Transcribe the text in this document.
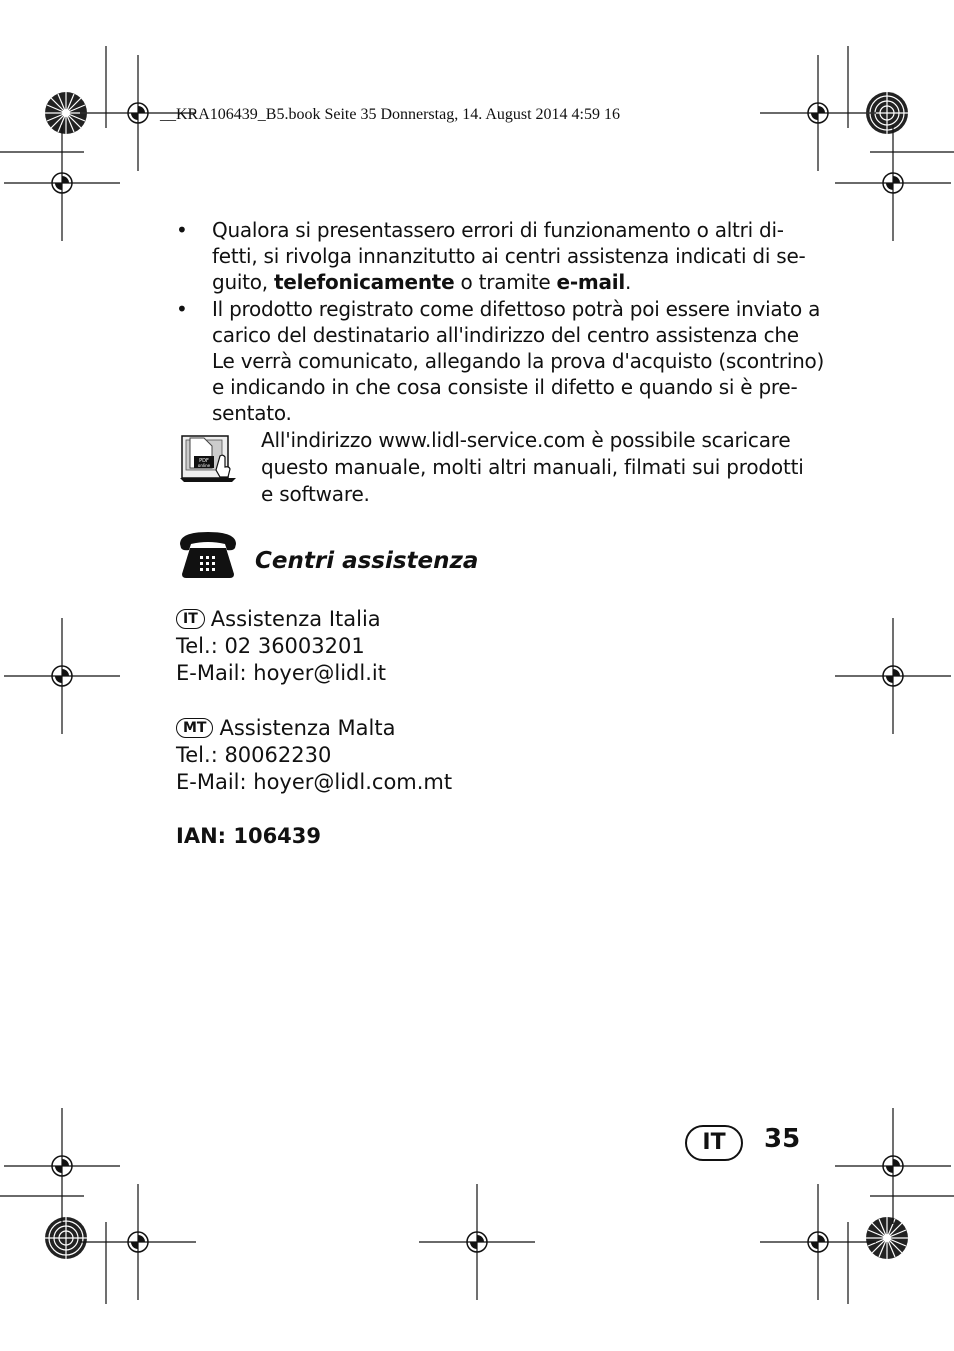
__KRA106439_B5.book Seite 35 Donnerstag, 14. August 2014 4:59 16
• Qualora si presentassero errori di funzionamento o altri di-
fetti, si rivolga innanzitutto ai centri assistenza indicati di se-
guito, telefonicamente o tramite e-mail.
• Il prodotto registrato come difettoso potrà poi essere inviato a
carico del destinatario all'indirizzo del centro assistenza che
Le verrà comunicato, allegando la prova d'acquisto (scontrino)
e indicando in che cosa consiste il difetto e quando si è pre-
sentato.
PDF
online
All'indirizzo www.lidl-service.com è possibile scaricare
questo manuale, molti altri manuali, filmati sui prodotti
e software.
Centri assistenza
IT Assistenza Italia
Tel.: 02 36003201
E-Mail: hoyer@lidl.it
MT Assistenza Malta
Tel.: 80062230
E-Mail: hoyer@lidl.com.mt
IAN: 106439
IT	35
